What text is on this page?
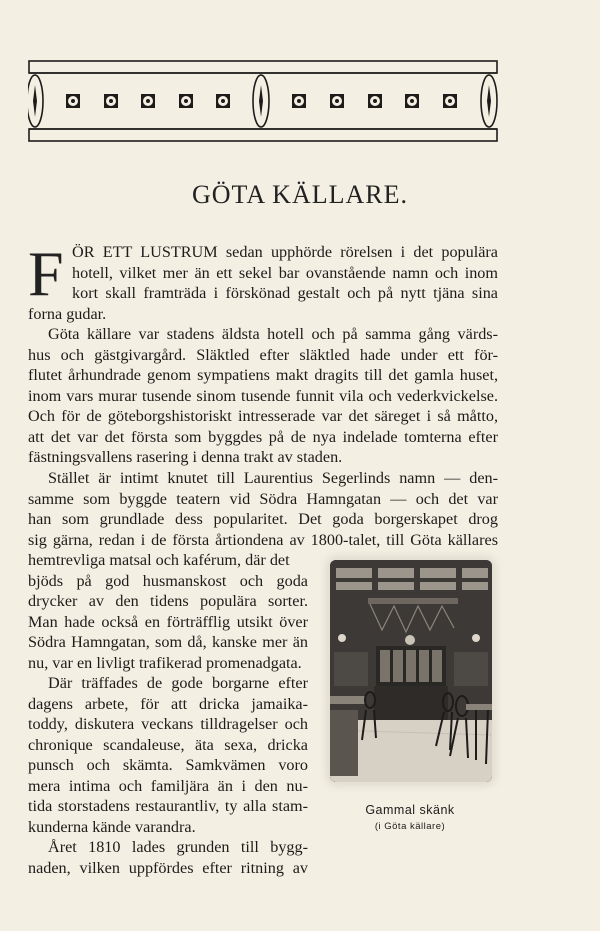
GÖTA KÄLLARE.
F ÖR ETT LUSTRUM sedan upphörde rörelsen i det populära
hotell, vilket mer än ett sekel bar ovanstående namn och inom
kort skall framträda i förskönad gestalt och på nytt tjäna sina
forna gudar.
Göta källare var stadens äldsta hotell och på samma gång värds-
hus och gästgivargård. Släktled efter släktled hade under ett för-
flutet århundrade genom sympatiens makt dragits till det gamla huset,
inom vars murar tusende sinom tusende funnit vila och vederkvickelse.
Och för de göteborgshistoriskt intresserade var det säreget i så måtto,
att det var det första som byggdes på de nya indelade tomterna efter
fästningsvallens rasering i denna trakt av staden.
Stället är intimt knutet till Laurentius Segerlinds namn — den-
samme som byggde teatern vid Södra Hamngatan — och det var
han som grundlade dess popularitet. Det goda borgerskapet drog
sig gärna, redan i de första årtiondena av 1800-talet, till Göta källares
hemtrevliga matsal och kaférum, där det
bjöds på god husmanskost och goda
drycker av den tidens populära sorter.
Man hade också en förträfflig utsikt över
Södra Hamngatan, som då, kanske mer än
nu, var en livligt trafikerad promenadgata.
Där träffades de gode borgarne efter
dagens arbete, för att dricka jamaika-
toddy, diskutera veckans tilldragelser och
chronique scandaleuse, äta sexa, dricka
punsch och skämta. Samkvämen voro
mera intima och familjära än i den nu-
tida storstadens restaurantliv, ty alla stam-
kunderna kände varandra.
Året 1810 lades grunden till bygg-
naden, vilken uppfördes efter ritning av
Gammal skänk
(i Göta källare)
